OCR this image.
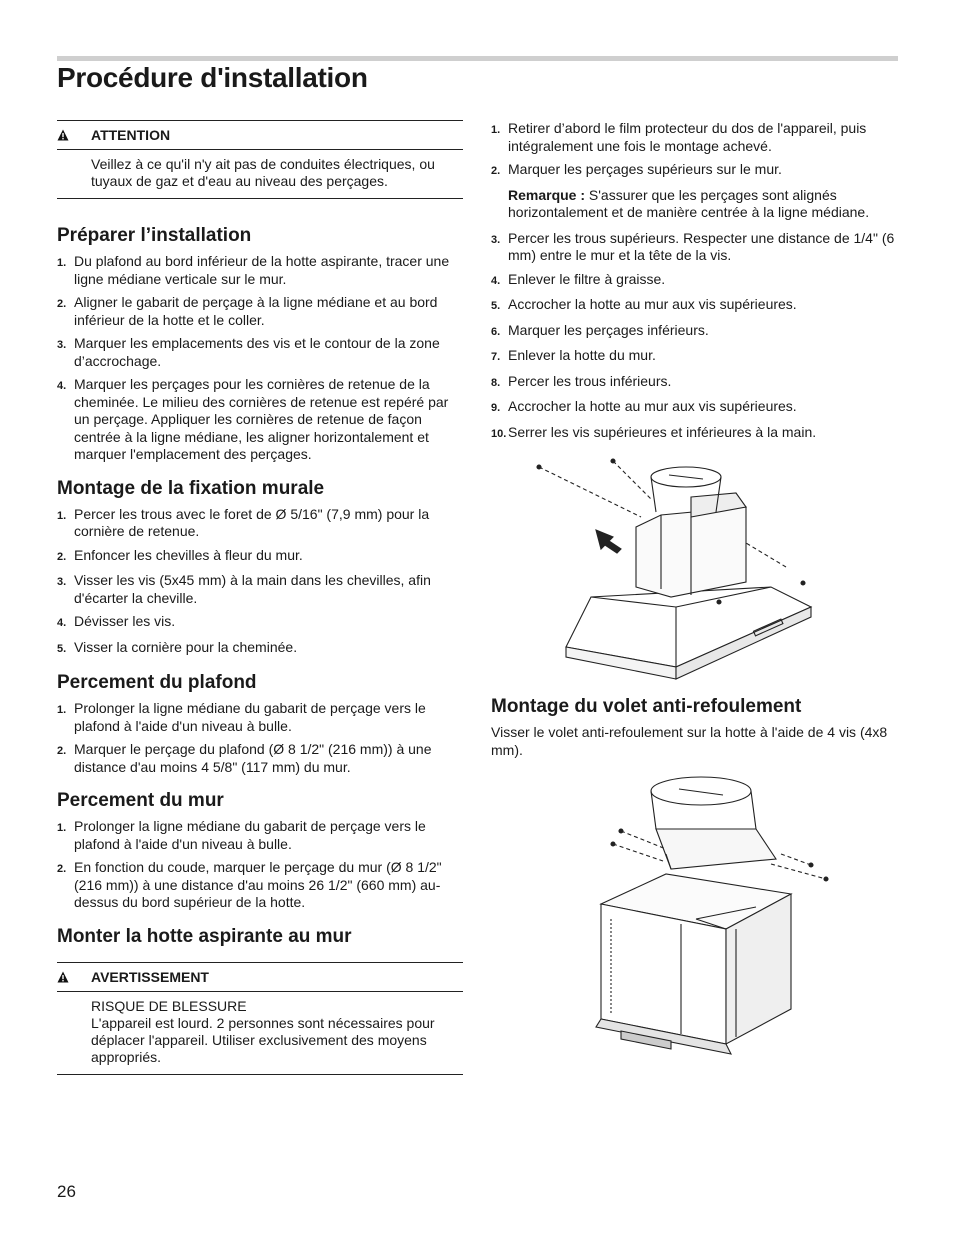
Procédure d'installation
ATTENTION

Veillez à ce qu'il n'y ait pas de conduites électriques, ou tuyaux de gaz et d'eau au niveau des perçages.

Préparer l’installation
1. Du plafond au bord inférieur de la hotte aspirante, tracer une ligne médiane verticale sur le mur.
2. Aligner le gabarit de perçage à la ligne médiane et au bord inférieur de la hotte et le coller.
3. Marquer les emplacements des vis et le contour de la zone d’accrochage.
4. Marquer les perçages pour les cornières de retenue de la cheminée. Le milieu des cornières de retenue est repéré par un perçage. Appliquer les cornières de retenue de façon centrée à la ligne médiane, les aligner horizontalement et marquer l'emplacement des perçages.
Montage de la fixation murale
1. Percer les trous avec le foret de Ø 5/16" (7,9 mm) pour la cornière de retenue.
2. Enfoncer les chevilles à fleur du mur.
3. Visser les vis (5x45 mm) à la main dans les chevilles, afin d'écarter la cheville.
4. Dévisser les vis.
5. Visser la cornière pour la cheminée.
Percement du plafond
1. Prolonger la ligne médiane du gabarit de perçage vers le plafond à l'aide d'un niveau à bulle.
2. Marquer le perçage du plafond (Ø 8 1/2" (216 mm)) à une distance d'au moins 4 5/8" (117 mm) du mur.
Percement du mur
1. Prolonger la ligne médiane du gabarit de perçage vers le plafond à l'aide d'un niveau à bulle.
2. En fonction du coude, marquer le perçage du mur (Ø 8 1/2" (216 mm)) à une distance d'au moins 26 1/2" (660 mm) au-dessus du bord supérieur de la hotte.
Monter la hotte aspirante au mur
AVERTISSEMENT

RISQUE DE BLESSURE

L'appareil est lourd. 2 personnes sont nécessaires pour déplacer l'appareil. Utiliser exclusivement des moyens appropriés.

1. Retirer d’abord le film protecteur du dos de l'appareil, puis intégralement une fois le montage achevé.
2. Marquer les perçages supérieurs sur le mur.
Remarque : S'assurer que les perçages sont alignés horizontalement et de manière centrée à la ligne médiane.
3. Percer les trous supérieurs. Respecter une distance de 1/4" (6 mm) entre le mur et la tête de la vis.
4. Enlever le filtre à graisse.
5. Accrocher la hotte au mur aux vis supérieures.
6. Marquer les perçages inférieurs.
7. Enlever la hotte du mur.
8. Percer les trous inférieurs.
9. Accrocher la hotte au mur aux vis supérieures.
10. Serrer les vis supérieures et inférieures à la main.
Montage du volet anti-refoulement

Visser le volet anti-refoulement sur la hotte à l'aide de 4 vis (4x8 mm).

26
